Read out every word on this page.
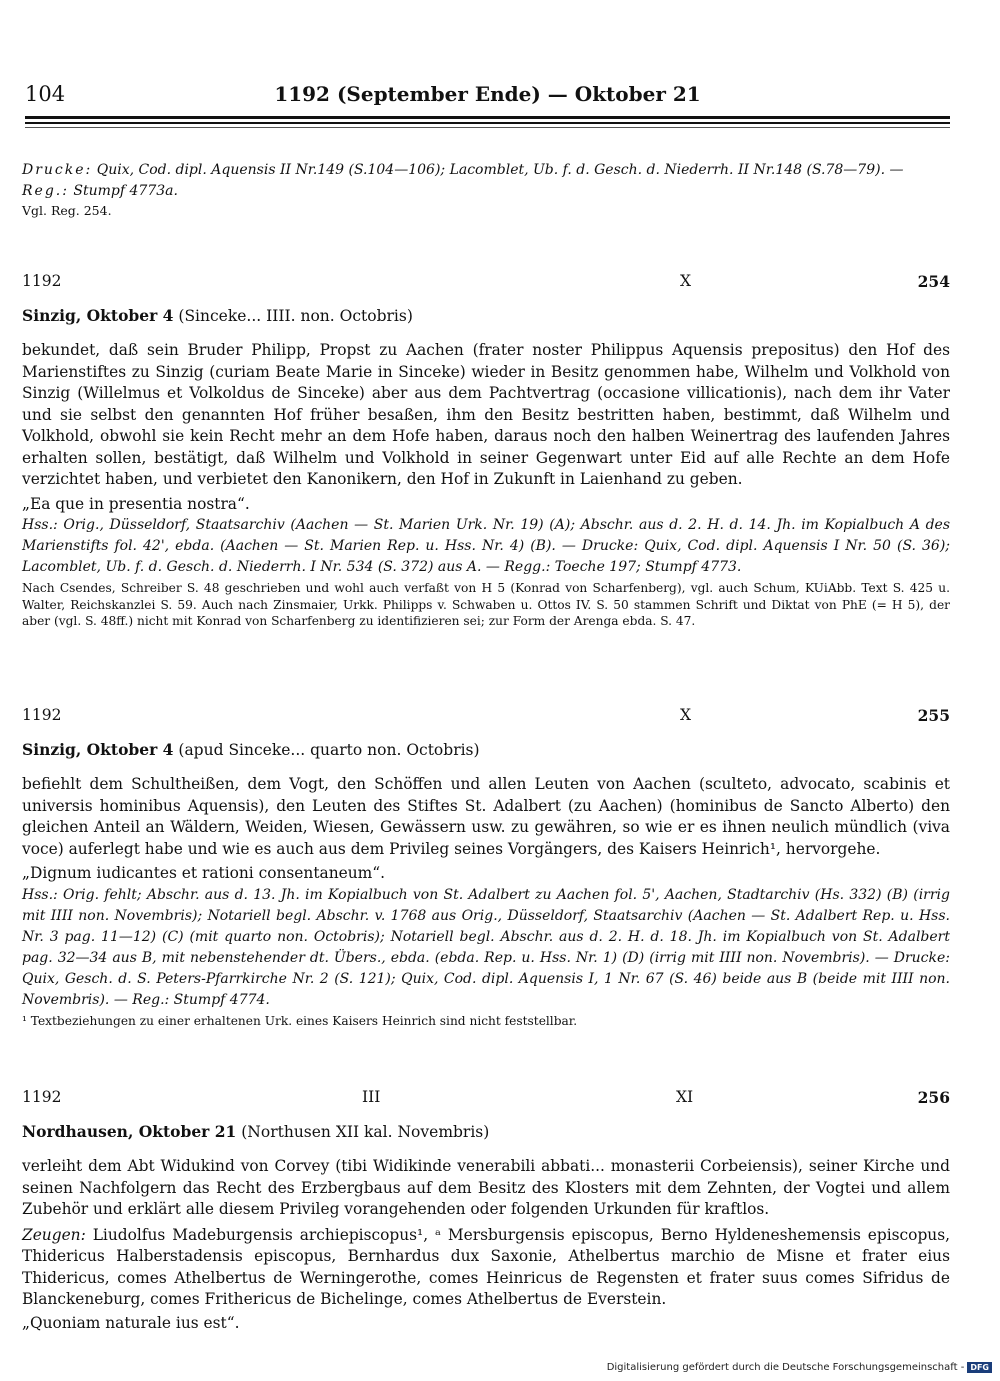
104	1192 (September Ende) — Oktober 21

Drucke: Quix, Cod. dipl. Aquensis II Nr.149 (S.104—106); Lacomblet, Ub. f. d. Gesch. d. Niederrh. II Nr.148 (S.78—79). — Reg.: Stumpf 4773a.

Vgl. Reg. 254.

1192	X	254
Sinzig, Oktober 4 (Sinceke... IIII. non. Octobris)

bekundet, daß sein Bruder Philipp, Propst zu Aachen (frater noster Philippus Aquensis prepositus) den Hof des Marienstiftes zu Sinzig (curiam Beate Marie in Sinceke) wieder in Besitz genommen habe, Wilhelm und Volkhold von Sinzig (Willelmus et Volkoldus de Sinceke) aber aus dem Pachtvertrag (occasione villicationis), nach dem ihr Vater und sie selbst den genannten Hof früher besaßen, ihm den Besitz bestritten haben, bestimmt, daß Wilhelm und Volkhold, obwohl sie kein Recht mehr an dem Hofe haben, daraus noch den halben Weinertrag des laufenden Jahres erhalten sollen, bestätigt, daß Wilhelm und Volkhold in seiner Gegenwart unter Eid auf alle Rechte an dem Hofe verzichtet haben, und verbietet den Kanonikern, den Hof in Zukunft in Laienhand zu geben.

„Ea que in presentia nostra“.

Hss.: Orig., Düsseldorf, Staatsarchiv (Aachen — St. Marien Urk. Nr. 19) (A); Abschr. aus d. 2. H. d. 14. Jh. im Kopialbuch A des Marienstifts fol. 42', ebda. (Aachen — St. Marien Rep. u. Hss. Nr. 4) (B). — Drucke: Quix, Cod. dipl. Aquensis I Nr. 50 (S. 36); Lacomblet, Ub. f. d. Gesch. d. Niederrh. I Nr. 534 (S. 372) aus A. — Regg.: Toeche 197; Stumpf 4773.

Nach Csendes, Schreiber S. 48 geschrieben und wohl auch verfaßt von H 5 (Konrad von Scharfenberg), vgl. auch Schum, KUiAbb. Text S. 425 u. Walter, Reichskanzlei S. 59. Auch nach Zinsmaier, Urkk. Philipps v. Schwaben u. Ottos IV. S. 50 stammen Schrift und Diktat von PhE (= H 5), der aber (vgl. S. 48ff.) nicht mit Konrad von Scharfenberg zu identifizieren sei; zur Form der Arenga ebda. S. 47.

1192	X	255
Sinzig, Oktober 4 (apud Sinceke... quarto non. Octobris)

befiehlt dem Schultheißen, dem Vogt, den Schöffen und allen Leuten von Aachen (sculteto, advocato, scabinis et universis hominibus Aquensis), den Leuten des Stiftes St. Adalbert (zu Aachen) (hominibus de Sancto Alberto) den gleichen Anteil an Wäldern, Weiden, Wiesen, Gewässern usw. zu gewähren, so wie er es ihnen neulich mündlich (viva voce) auferlegt habe und wie es auch aus dem Privileg seines Vorgängers, des Kaisers Heinrich¹, hervorgehe.

„Dignum iudicantes et rationi consentaneum“.

Hss.: Orig. fehlt; Abschr. aus d. 13. Jh. im Kopialbuch von St. Adalbert zu Aachen fol. 5', Aachen, Stadtarchiv (Hs. 332) (B) (irrig mit IIII non. Novembris); Notariell begl. Abschr. v. 1768 aus Orig., Düsseldorf, Staatsarchiv (Aachen — St. Adalbert Rep. u. Hss. Nr. 3 pag. 11—12) (C) (mit quarto non. Octobris); Notariell begl. Abschr. aus d. 2. H. d. 18. Jh. im Kopialbuch von St. Adalbert pag. 32—34 aus B, mit nebenstehender dt. Übers., ebda. (ebda. Rep. u. Hss. Nr. 1) (D) (irrig mit IIII non. Novembris). — Drucke: Quix, Gesch. d. S. Peters-Pfarrkirche Nr. 2 (S. 121); Quix, Cod. dipl. Aquensis I, 1 Nr. 67 (S. 46) beide aus B (beide mit IIII non. Novembris). — Reg.: Stumpf 4774.

¹ Textbeziehungen zu einer erhaltenen Urk. eines Kaisers Heinrich sind nicht feststellbar.

1192	III	XI	256
Nordhausen, Oktober 21 (Northusen XII kal. Novembris)

verleiht dem Abt Widukind von Corvey (tibi Widikinde venerabili abbati... monasterii Corbeiensis), seiner Kirche und seinen Nachfolgern das Recht des Erzbergbaus auf dem Besitz des Klosters mit dem Zehnten, der Vogtei und allem Zubehör und erklärt alle diesem Privileg vorangehenden oder folgenden Urkunden für kraftlos.

Zeugen: Liudolfus Madeburgensis archiepiscopus¹, ᵃ Mersburgensis episcopus, Berno Hyldeneshemensis episcopus, Thidericus Halberstadensis episcopus, Bernhardus dux Saxonie, Athelbertus marchio de Misne et frater eius Thidericus, comes Athelbertus de Werningerothe, comes Heinricus de Regensten et frater suus comes Sifridus de Blanckeneburg, comes Frithericus de Bichelinge, comes Athelbertus de Everstein.

„Quoniam naturale ius est“.

Digitalisierung gefördert durch die Deutsche Forschungsgemeinschaft - DFG
